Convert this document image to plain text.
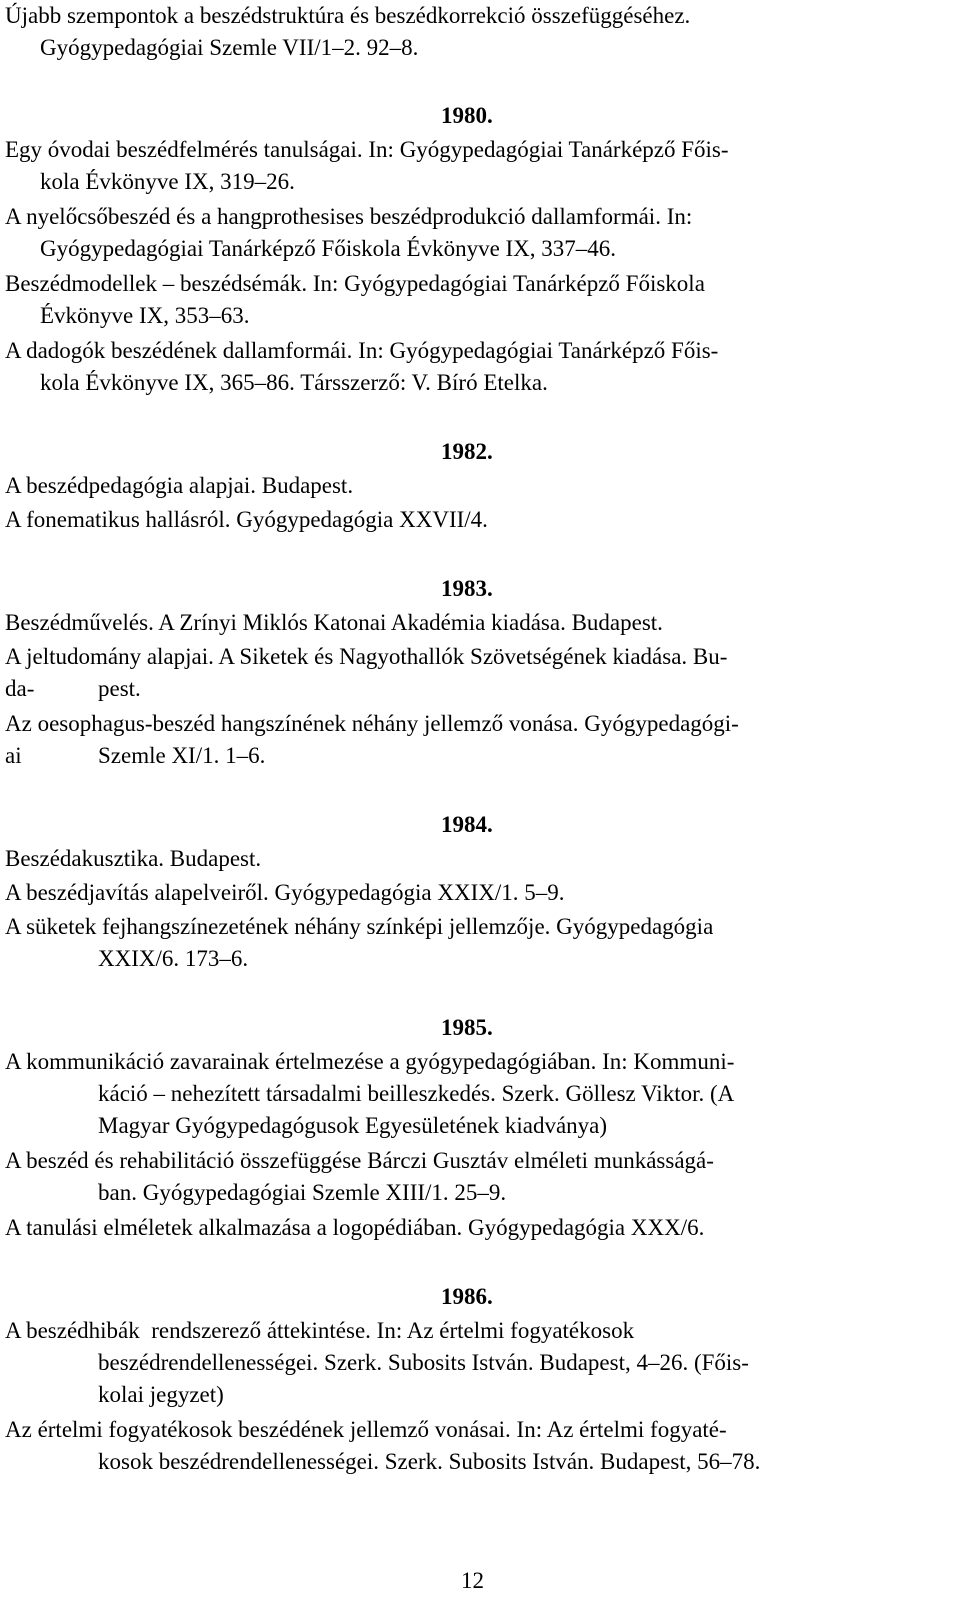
Újabb szempontok a beszédstruktúra és beszédkorrekció összefüggéséhez.
Gyógypedagógiai Szemle VII/1–2. 92–8.
1980.
Egy óvodai beszédfelmérés tanulságai. In: Gyógypedagógiai Tanárképző Főis-
kola Évkönyve IX, 319–26.
A nyelőcsőbeszéd és a hangprothesises beszédprodukció dallamformái. In:
Gyógypedagógiai Tanárképző Főiskola Évkönyve IX, 337–46.
Beszédmodellek – beszédsémák. In: Gyógypedagógiai Tanárképző Főiskola
Évkönyve IX, 353–63.
A dadogók beszédének dallamformái. In: Gyógypedagógiai Tanárképző Főis-
kola Évkönyve IX, 365–86. Társszerző: V. Bíró Etelka.
1982.
A beszédpedagógia alapjai. Budapest.
A fonematikus hallásról. Gyógypedagógia XXVII/4.
1983.
Beszédművelés. A Zrínyi Miklós Katonai Akadémia kiadása. Budapest.
A jeltudomány alapjai. A Siketek és Nagyothallók Szövetségének kiadása. Bu-
da-	pest.
Az oesophagus-beszéd hangszínének néhány jellemző vonása. Gyógypedagógi-
ai	Szemle XI/1. 1–6.
1984.
Beszédakusztika. Budapest.
A beszédjavítás alapelveiről. Gyógypedagógia XXIX/1. 5–9.
A süketek fejhangszínezetének néhány színképi jellemzője. Gyógypedagógia
XXIX/6. 173–6.
1985.
A kommunikáció zavarainak értelmezése a gyógypedagógiában. In: Kommuni-
káció – nehezített társadalmi beilleszkedés. Szerk. Göllesz Viktor. (A
Magyar Gyógypedagógusok Egyesületének kiadványa)
A beszéd és rehabilitáció összefüggése Bárczi Gusztáv elméleti munkásságá-
ban. Gyógypedagógiai Szemle XIII/1. 25–9.
A tanulási elméletek alkalmazása a logopédiában. Gyógypedagógia XXX/6.
1986.
A beszédhibák  rendszerező áttekintése. In: Az értelmi fogyatékosok
beszédrendellenességei. Szerk. Subosits István. Budapest, 4–26. (Főis-
kolai jegyzet)
Az értelmi fogyatékosok beszédének jellemző vonásai. In: Az értelmi fogyaté-
kosok beszédrendellenességei. Szerk. Subosits István. Budapest, 56–78.
12
